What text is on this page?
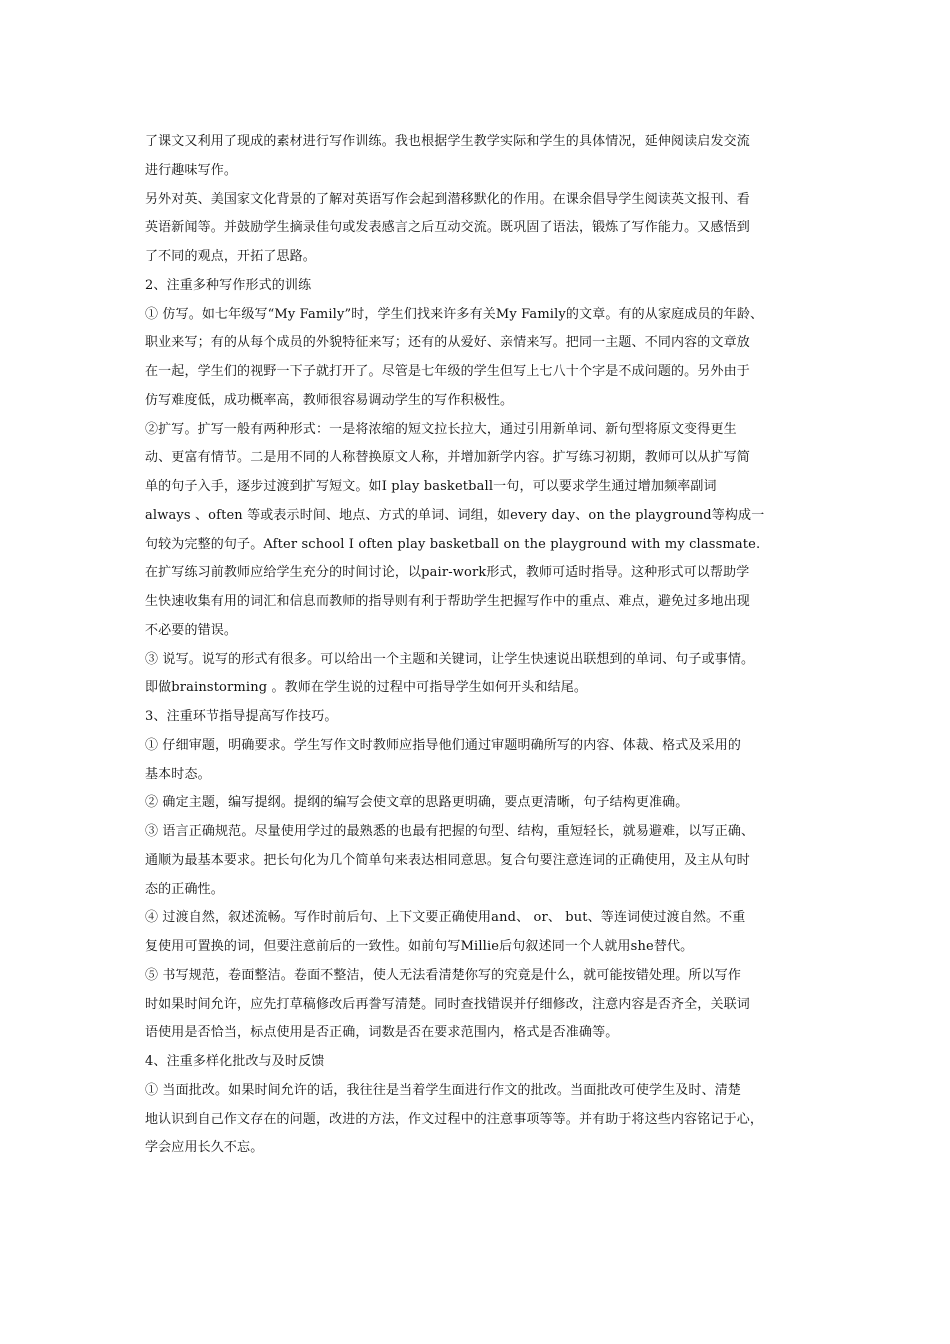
了课文又利用了现成的素材进行写作训练。我也根据学生教学实际和学生的具体情况，延伸阅读启发交流
进行趣味写作。
另外对英、美国家文化背景的了解对英语写作会起到潜移默化的作用。在课余倡导学生阅读英文报刊、看
英语新闻等。并鼓励学生摘录佳句或发表感言之后互动交流。既巩固了语法，锻炼了写作能力。又感悟到
了不同的观点，开拓了思路。
2、注重多种写作形式的训练
① 仿写。如七年级写“My Family”时，学生们找来许多有关My Family的文章。有的从家庭成员的年龄、
职业来写；有的从每个成员的外貌特征来写；还有的从爱好、亲情来写。把同一主题、不同内容的文章放
在一起，学生们的视野一下子就打开了。尽管是七年级的学生但写上七八十个字是不成问题的。另外由于
仿写难度低，成功概率高，教师很容易调动学生的写作积极性。
②扩写。扩写一般有两种形式：一是将浓缩的短文拉长拉大，通过引用新单词、新句型将原文变得更生
动、更富有情节。二是用不同的人称替换原文人称，并增加新学内容。扩写练习初期，教师可以从扩写简
单的句子入手，逐步过渡到扩写短文。如I play basketball一句，可以要求学生通过增加频率副词
always 、often 等或表示时间、地点、方式的单词、词组，如every day、on the playground等构成一
句较为完整的句子。After school I often play basketball on the playground with my classmate.
在扩写练习前教师应给学生充分的时间讨论，以pair-work形式，教师可适时指导。这种形式可以帮助学
生快速收集有用的词汇和信息而教师的指导则有利于帮助学生把握写作中的重点、难点，避免过多地出现
不必要的错误。
③ 说写。说写的形式有很多。可以给出一个主题和关键词，让学生快速说出联想到的单词、句子或事情。
即做brainstorming 。教师在学生说的过程中可指导学生如何开头和结尾。
3、注重环节指导提高写作技巧。
① 仔细审题，明确要求。学生写作文时教师应指导他们通过审题明确所写的内容、体裁、格式及采用的
基本时态。
② 确定主题，编写提纲。提纲的编写会使文章的思路更明确，要点更清晰，句子结构更准确。
③ 语言正确规范。尽量使用学过的最熟悉的也最有把握的句型、结构，重短轻长，就易避难，以写正确、
通顺为最基本要求。把长句化为几个简单句来表达相同意思。复合句要注意连词的正确使用，及主从句时
态的正确性。
④ 过渡自然，叙述流畅。写作时前后句、上下文要正确使用and、 or、 but、等连词使过渡自然。不重
复使用可置换的词，但要注意前后的一致性。如前句写Millie后句叙述同一个人就用she替代。
⑤ 书写规范，卷面整洁。卷面不整洁，使人无法看清楚你写的究竟是什么，就可能按错处理。所以写作
时如果时间允许，应先打草稿修改后再誊写清楚。同时查找错误并仔细修改，注意内容是否齐全，关联词
语使用是否恰当，标点使用是否正确，词数是否在要求范围内，格式是否准确等。
4、注重多样化批改与及时反馈
① 当面批改。如果时间允许的话，我往往是当着学生面进行作文的批改。当面批改可使学生及时、清楚
地认识到自己作文存在的问题，改进的方法，作文过程中的注意事项等等。并有助于将这些内容铭记于心，
学会应用长久不忘。
